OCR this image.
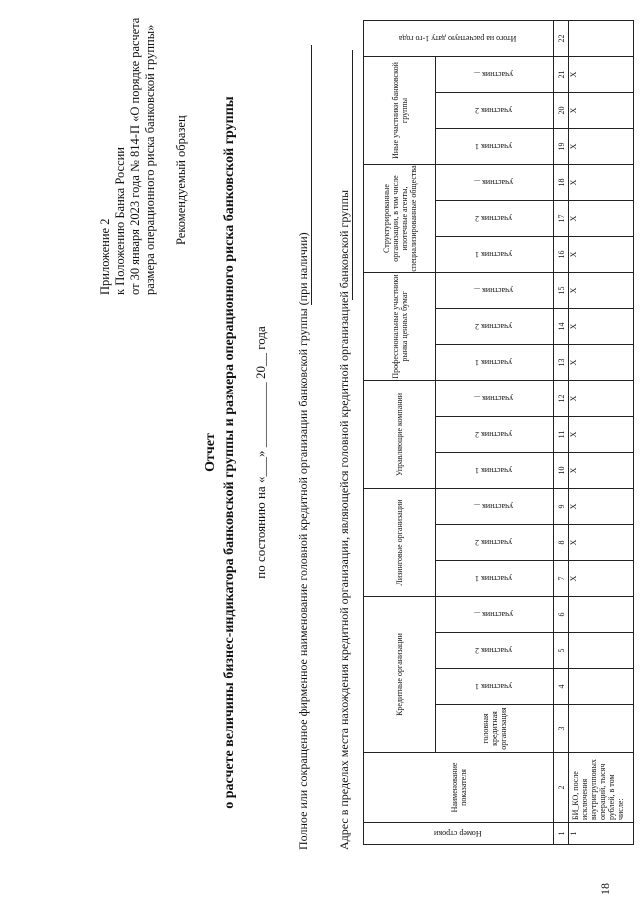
18
Приложение 2 к Положению Банка России от 30 января 2023 года № 814-П «О порядке расчета размера операционного риска банковской группы» Рекомендуемый образец
Отчет о расчете величины бизнес-индикатора банковской группы и размера операционного риска банковской группы по состоянию на «___» __________ 20__ года Полное или сокращенное фирменное наименование головной кредитной организации банковской группы (при наличии) Адрес в пределах места нахождения кредитной организации, являющейся головной кредитной организацией банковской группы	Номер строки	Наименование показателя	Кредитные организации				Лизинговые организации			Управляющие компании			Профессиональные участники рынка ценных бумаг			Структурированные организации, в том числе ипотечные агенты, специализированные общества			Иные участники банковской группы			Итого на расчетную дату 1-го года
		головная кредитная организация	участник 1	участник 2	участник ...	участник 1	участник 2	участник ...	участник 1	участник 2	участник ...	участник 1	участник 2	участник ...	участник 1	участник 2	участник ...	участник 1	участник 2	участник ...	
1	2	3	4	5	6	7	8	9	10	11	12	13	14	15	16	17	18	19	20	21	22
1	БИ_КО, после исключения внутригрупповых операций, тысяч рублей, в том числе:					X	X	X	X	X	X	X	X	X	X	X	X	X	X	X	
